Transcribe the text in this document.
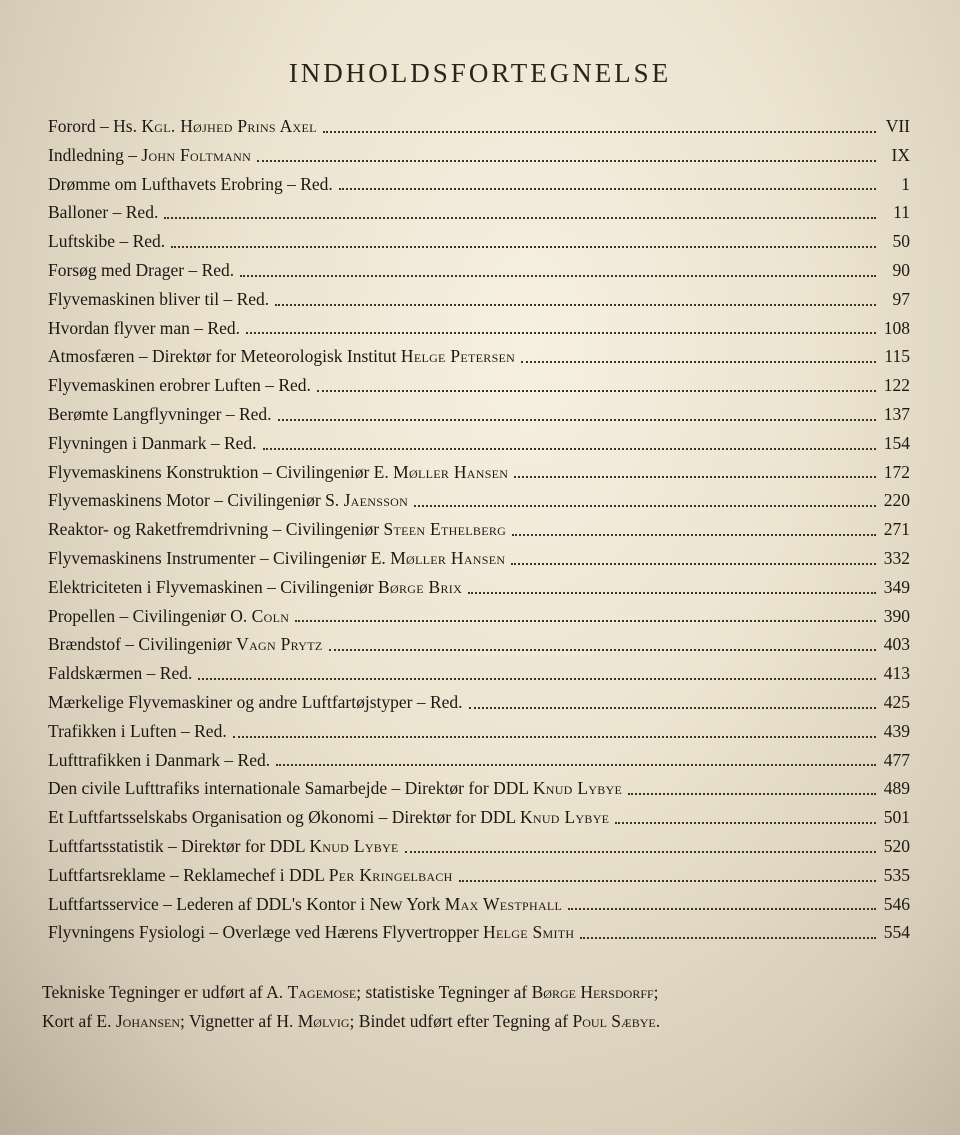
INDHOLDSFORTEGNELSE
Forord – Hs. Kgl. Højhed Prins Axel	VII
Indledning – John Foltmann	IX
Drømme om Lufthavets Erobring – Red.	1
Balloner – Red.	11
Luftskibe – Red.	50
Forsøg med Drager – Red.	90
Flyvemaskinen bliver til – Red.	97
Hvordan flyver man – Red.	108
Atmosfæren – Direktør for Meteorologisk Institut Helge Petersen	115
Flyvemaskinen erobrer Luften – Red.	122
Berømte Langflyvninger – Red.	137
Flyvningen i Danmark – Red.	154
Flyvemaskinens Konstruktion – Civilingeniør E. Møller Hansen	172
Flyvemaskinens Motor – Civilingeniør S. Jaensson	220
Reaktor- og Raketfremdrivning – Civilingeniør Steen Ethelberg	271
Flyvemaskinens Instrumenter – Civilingeniør E. Møller Hansen	332
Elektriciteten i Flyvemaskinen – Civilingeniør Børge Brix	349
Propellen – Civilingeniør O. Coln	390
Brændstof – Civilingeniør Vagn Prytz	403
Faldskærmen – Red.	413
Mærkelige Flyvemaskiner og andre Luftfartøjstyper – Red.	425
Trafikken i Luften – Red.	439
Lufttrafikken i Danmark – Red.	477
Den civile Lufttrafiks internationale Samarbejde – Direktør for DDL Knud Lybye	489
Et Luftfartsselskabs Organisation og Økonomi – Direktør for DDL Knud Lybye	501
Luftfartsstatistik – Direktør for DDL Knud Lybye	520
Luftfartsreklame – Reklamechef i DDL Per Kringelbach	535
Luftfartsservice – Lederen af DDL's Kontor i New York Max Westphall	546
Flyvningens Fysiologi – Overlæge ved Hærens Flyvertropper Helge Smith	554
Tekniske Tegninger er udført af A. Tagemose; statistiske Tegninger af Børge Hersdorff;
Kort af E. Johansen; Vignetter af H. Mølvig; Bindet udført efter Tegning af Poul Sæbye.
